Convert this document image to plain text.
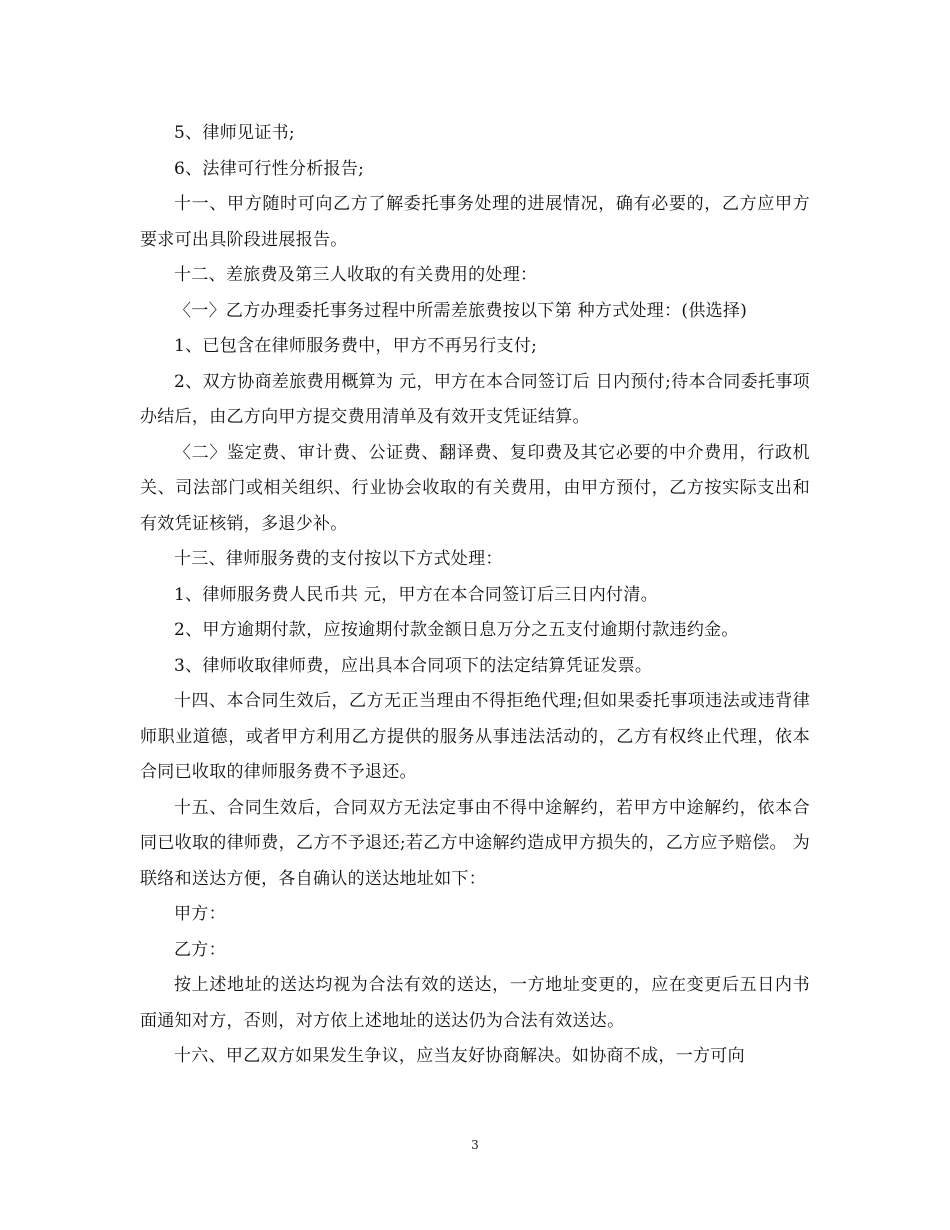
5、律师见证书;

6、法律可行性分析报告;

十一、甲方随时可向乙方了解委托事务处理的进展情况，确有必要的，乙方应甲方要求可出具阶段进展报告。

十二、差旅费及第三人收取的有关费用的处理：

〈一〉乙方办理委托事务过程中所需差旅费按以下第 种方式处理：(供选择)

1、已包含在律师服务费中，甲方不再另行支付;

2、双方协商差旅费用概算为 元，甲方在本合同签订后 日内预付;待本合同委托事项办结后，由乙方向甲方提交费用清单及有效开支凭证结算。

〈二〉鉴定费、审计费、公证费、翻译费、复印费及其它必要的中介费用，行政机关、司法部门或相关组织、行业协会收取的有关费用，由甲方预付，乙方按实际支出和有效凭证核销，多退少补。

十三、律师服务费的支付按以下方式处理：

1、律师服务费人民币共 元，甲方在本合同签订后三日内付清。

2、甲方逾期付款，应按逾期付款金额日息万分之五支付逾期付款违约金。

3、律师收取律师费，应出具本合同项下的法定结算凭证发票。

十四、本合同生效后，乙方无正当理由不得拒绝代理;但如果委托事项违法或违背律师职业道德，或者甲方利用乙方提供的服务从事违法活动的，乙方有权终止代理，依本合同已收取的律师服务费不予退还。

十五、合同生效后，合同双方无法定事由不得中途解约，若甲方中途解约，依本合同已收取的律师费，乙方不予退还;若乙方中途解约造成甲方损失的，乙方应予赔偿。 为联络和送达方便，各自确认的送达地址如下：

甲方：

乙方：

按上述地址的送达均视为合法有效的送达，一方地址变更的，应在变更后五日内书面通知对方，否则，对方依上述地址的送达仍为合法有效送达。

十六、甲乙双方如果发生争议，应当友好协商解决。如协商不成，一方可向

3
